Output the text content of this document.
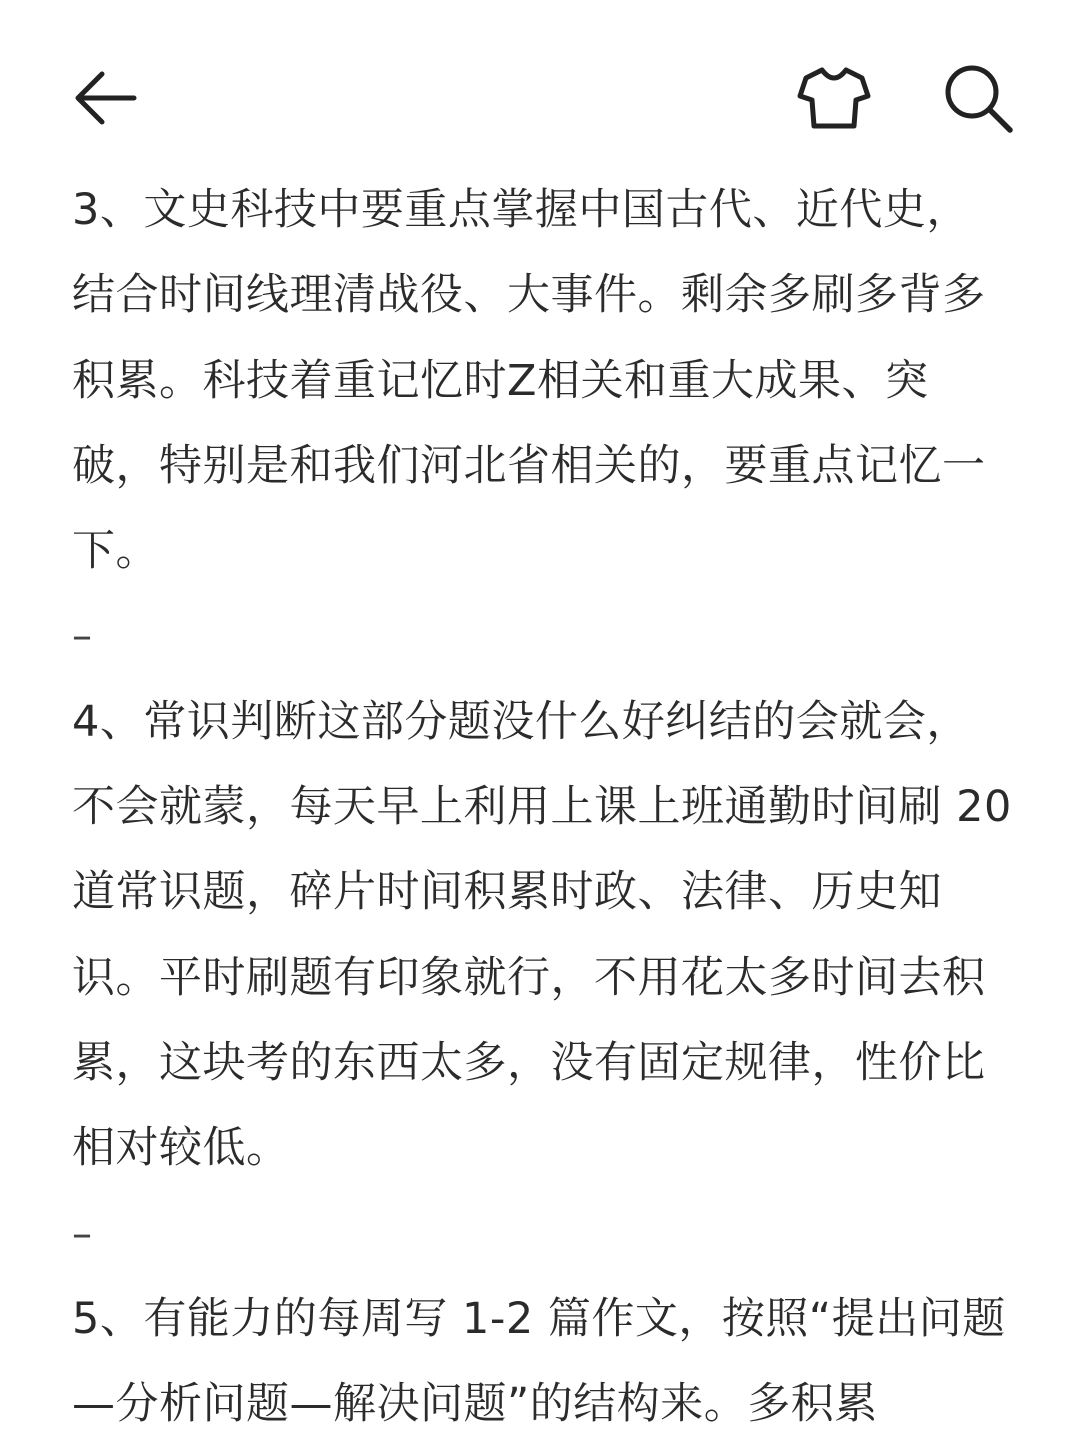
3、文史科技中要重点掌握中国古代、近代史，结合时间线理清战役、大事件。剩余多刷多背多积累。科技着重记忆时Z相关和重大成果、突破，特别是和我们河北省相关的，要重点记忆一下。

–

4、常识判断这部分题没什么好纠结的会就会，不会就蒙，每天早上利用上课上班通勤时间刷 20 道常识题，碎片时间积累时政、法律、历史知识。平时刷题有印象就行，不用花太多时间去积累，这块考的东西太多，没有固定规律，性价比相对较低。

–

5、有能力的每周写 1-2 篇作文，按照“提出问题—分析问题—解决问题”的结构来。多积累
